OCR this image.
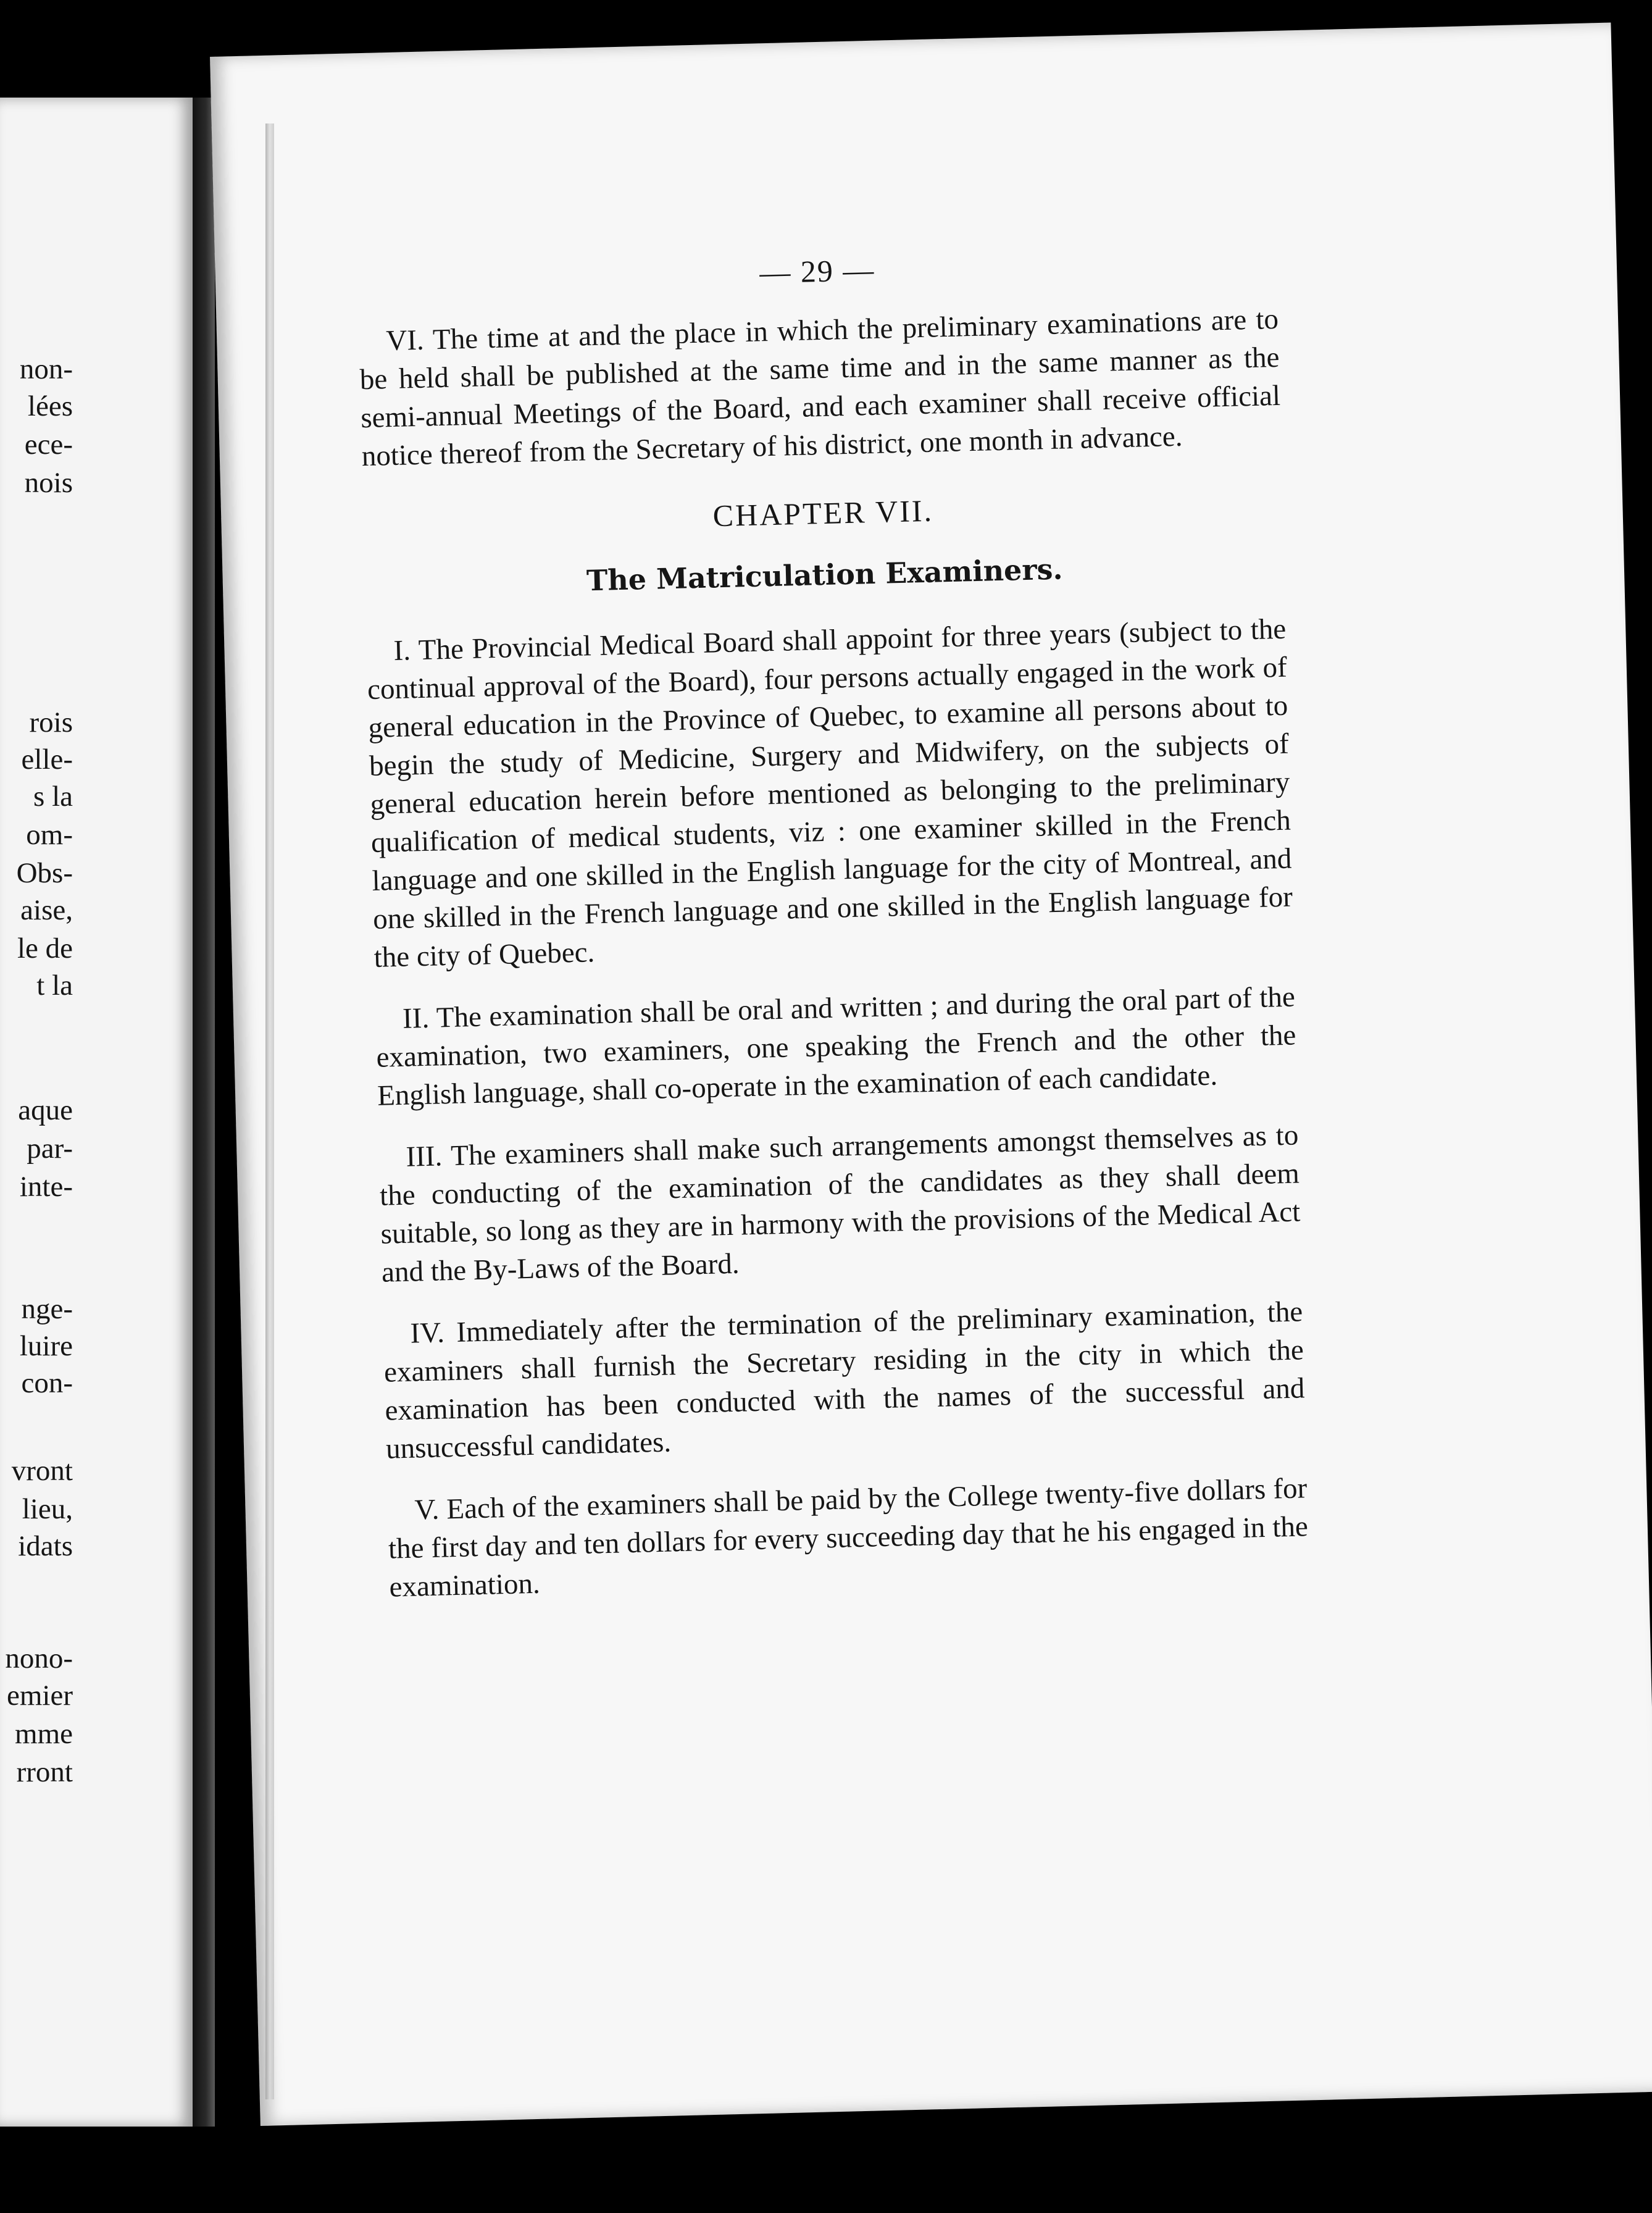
non-
lées
ece-
nois
rois
elle-
s la
om-
Obs-
aise,
le de
t la
aque
par-
inte-
nge-
luire
con-
vront
lieu,
idats
nono-
emier
mme
rront
— 29 —

VI. The time at and the place in which the preliminary examinations are to be held shall be published at the same time and in the same manner as the semi-annual Meetings of the Board, and each examiner shall receive official notice thereof from the Secretary of his district, one month in advance.

CHAPTER VII.
The Matriculation Examiners.

I. The Provincial Medical Board shall appoint for three years (subject to the continual approval of the Board), four persons actually engaged in the work of general education in the Province of Quebec, to examine all persons about to begin the study of Medicine, Surgery and Midwifery, on the subjects of general education herein before mentioned as belonging to the preliminary qualification of medical students, viz : one examiner skilled in the French language and one skilled in the English language for the city of Montreal, and one skilled in the French language and one skilled in the English language for the city of Quebec.

II. The examination shall be oral and written ; and during the oral part of the examination, two examiners, one speaking the French and the other the English language, shall co-operate in the examination of each candidate.

III. The examiners shall make such arrangements amongst themselves as to the conducting of the examination of the candidates as they shall deem suitable, so long as they are in harmony with the provisions of the Medical Act and the By-Laws of the Board.

IV. Immediately after the termination of the preliminary examination, the examiners shall furnish the Secretary residing in the city in which the examination has been conducted with the names of the successful and unsuccessful candidates.

V. Each of the examiners shall be paid by the College twenty-five dollars for the first day and ten dollars for every succeeding day that he his engaged in the examination.
